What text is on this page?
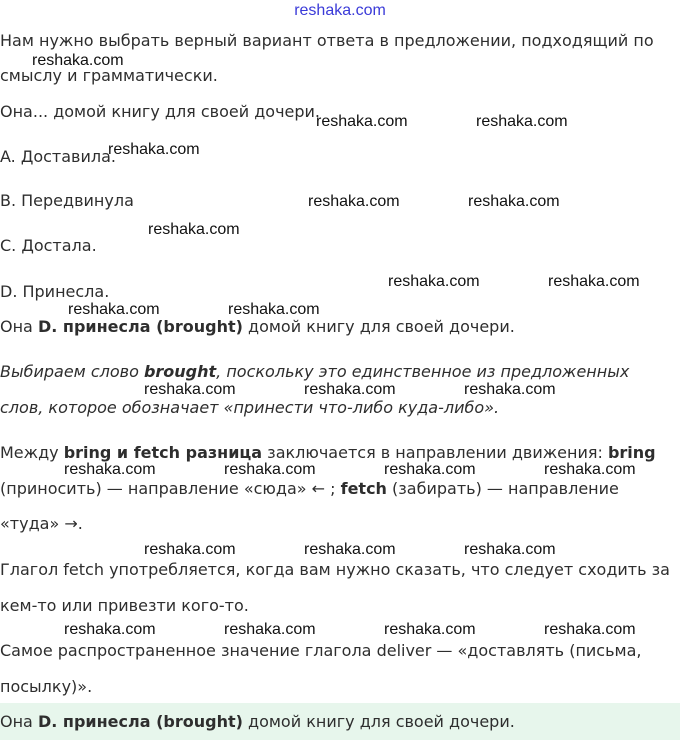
reshaka.com
Нам нужно выбрать верный вариант ответа в предложении, подходящий по
смыслу и грамматически.
Она... домой книгу для своей дочери.
A. Доставила.
B. Передвинула
C. Достала.
D. Принесла.
Она D. принесла (brought) домой книгу для своей дочери.
Выбираем слово brought, поскольку это единственное из предложенных
слов, которое обозначает «принести что-либо куда-либо».
Между bring и fetch разница заключается в направлении движения: bring
(приносить) — направление «сюда» ← ; fetch (забирать) — направление
«туда» →.
Глагол fetch употребляется, когда вам нужно сказать, что следует сходить за
кем-то или привезти кого-то.
Самое распространенное значение глагола deliver — «доставлять (письма,
посылку)».
Она D. принесла (brought) домой книгу для своей дочери.
reshaka.com
reshaka.com	reshaka.com
reshaka.com
reshaka.com	reshaka.com
reshaka.com
reshaka.com	reshaka.com
reshaka.com	reshaka.com
reshaka.com	reshaka.com	reshaka.com
reshaka.com	reshaka.com	reshaka.com	reshaka.com
reshaka.com	reshaka.com	reshaka.com
reshaka.com	reshaka.com	reshaka.com	reshaka.com
